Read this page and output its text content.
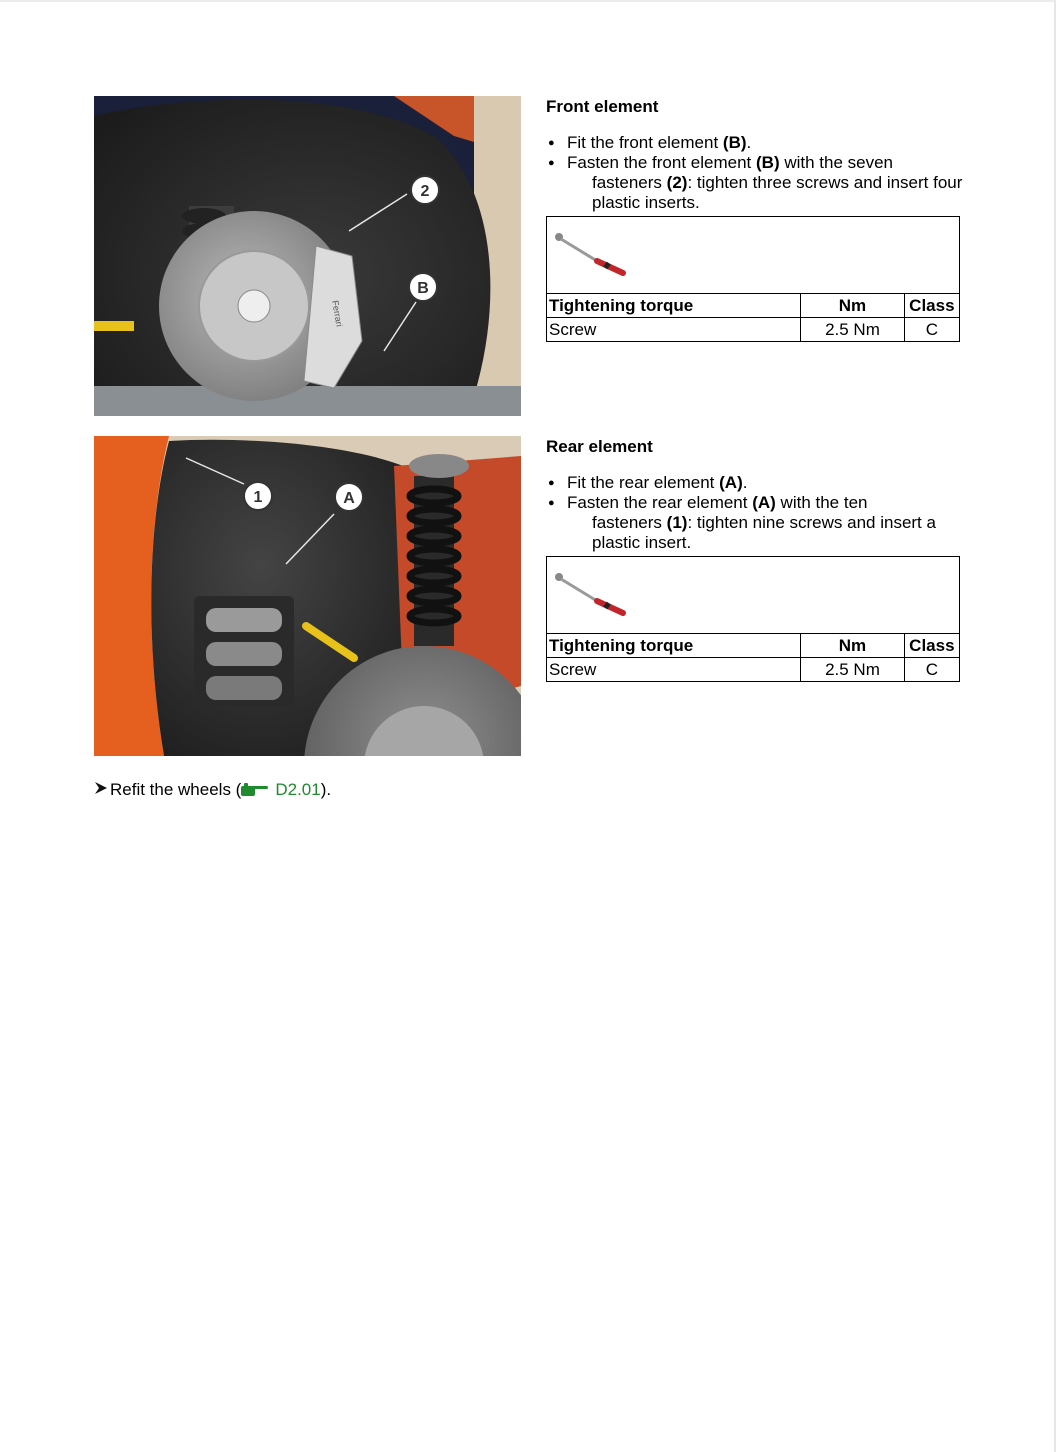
Ferrari
2
B
Front element
● Fit the front element (B).
● Fasten the front element (B) with the seven
fasteners (2): tighten three screws and insert four plastic inserts.
Tightening torque	Nm	Class
Screw	2.5 Nm	C
1	A
Rear element
● Fit the rear element (A).
● Fasten the rear element (A) with the ten
fasteners (1): tighten nine screws and insert a plastic insert.
Tightening torque	Nm	Class
Screw	2.5 Nm	C
Refit the wheels ( D2.01).
